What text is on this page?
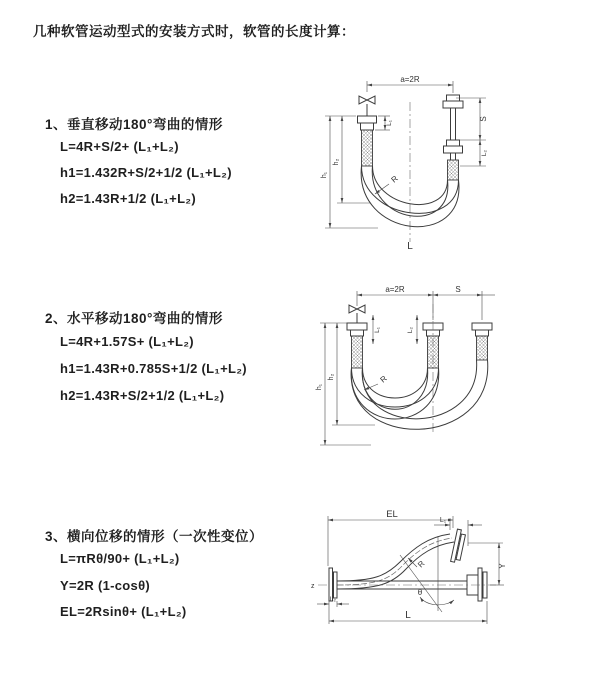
几种软管运动型式的安装方式时，软管的长度计算：
1、垂直移动180°弯曲的情形
L=4R+S/2+ (L₁+L₂)
h1=1.432R+S/2+1/2 (L₁+L₂)
h2=1.43R+1/2 (L₁+L₂)
2、水平移动180°弯曲的情形
L=4R+1.57S+ (L₁+L₂)
h1=1.43R+0.785S+1/2 (L₁+L₂)
h2=1.43R+S/2+1/2 (L₁+L₂)
3、横向位移的情形（一次性变位）
L=πRθ/90+ (L₁+L₂)
Y=2R (1-cosθ)
EL=2Rsinθ+ (L₁+L₂)
a=2R
S
L₂
L₁
h₂
h₁	R
L
a=2R	S
L₁	L₂
h₂
h₁
R
EL
L₁
z
L₂
L
Y
θ
R
